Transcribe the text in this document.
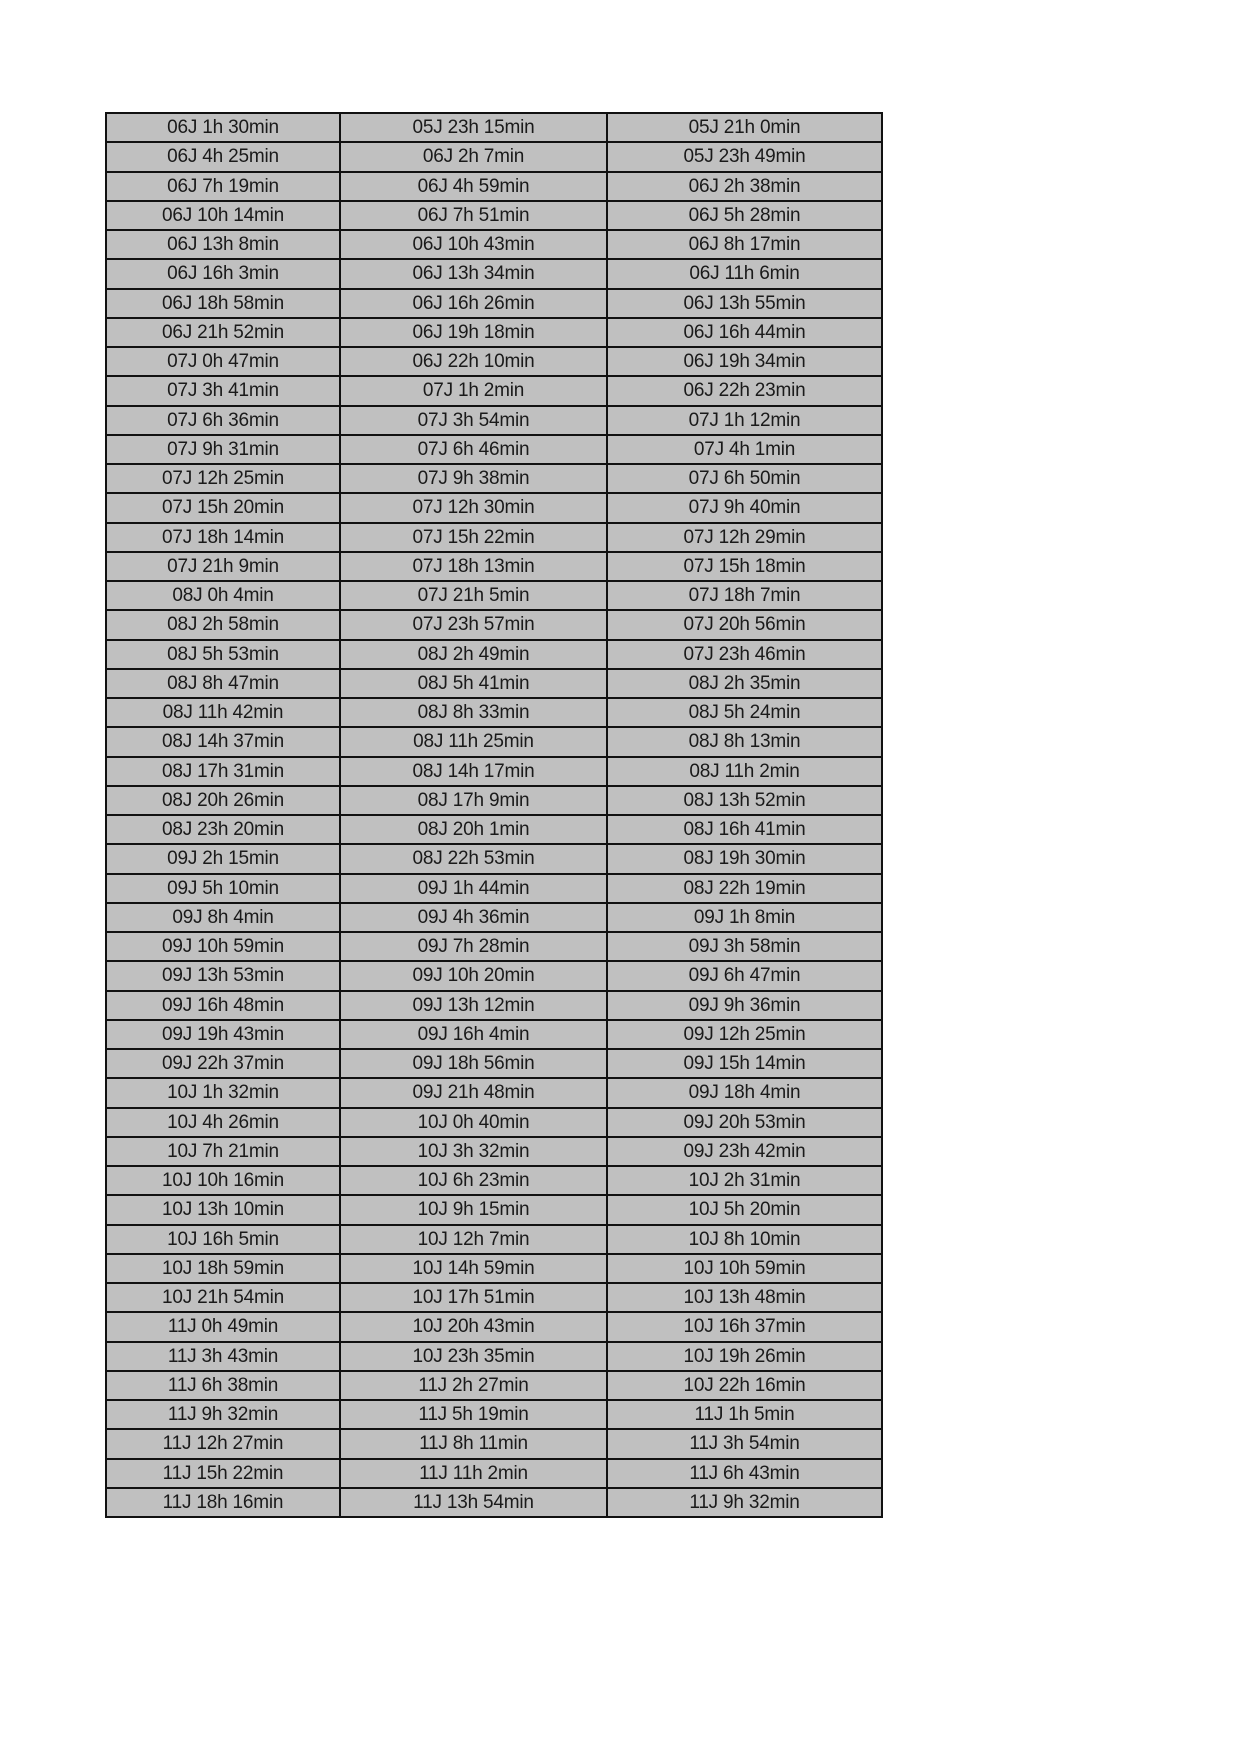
06J 1h 30min	05J 23h 15min	05J 21h 0min
06J 4h 25min	06J 2h 7min	05J 23h 49min
06J 7h 19min	06J 4h 59min	06J 2h 38min
06J 10h 14min	06J 7h 51min	06J 5h 28min
06J 13h 8min	06J 10h 43min	06J 8h 17min
06J 16h 3min	06J 13h 34min	06J 11h 6min
06J 18h 58min	06J 16h 26min	06J 13h 55min
06J 21h 52min	06J 19h 18min	06J 16h 44min
07J 0h 47min	06J 22h 10min	06J 19h 34min
07J 3h 41min	07J 1h 2min	06J 22h 23min
07J 6h 36min	07J 3h 54min	07J 1h 12min
07J 9h 31min	07J 6h 46min	07J 4h 1min
07J 12h 25min	07J 9h 38min	07J 6h 50min
07J 15h 20min	07J 12h 30min	07J 9h 40min
07J 18h 14min	07J 15h 22min	07J 12h 29min
07J 21h 9min	07J 18h 13min	07J 15h 18min
08J 0h 4min	07J 21h 5min	07J 18h 7min
08J 2h 58min	07J 23h 57min	07J 20h 56min
08J 5h 53min	08J 2h 49min	07J 23h 46min
08J 8h 47min	08J 5h 41min	08J 2h 35min
08J 11h 42min	08J 8h 33min	08J 5h 24min
08J 14h 37min	08J 11h 25min	08J 8h 13min
08J 17h 31min	08J 14h 17min	08J 11h 2min
08J 20h 26min	08J 17h 9min	08J 13h 52min
08J 23h 20min	08J 20h 1min	08J 16h 41min
09J 2h 15min	08J 22h 53min	08J 19h 30min
09J 5h 10min	09J 1h 44min	08J 22h 19min
09J 8h 4min	09J 4h 36min	09J 1h 8min
09J 10h 59min	09J 7h 28min	09J 3h 58min
09J 13h 53min	09J 10h 20min	09J 6h 47min
09J 16h 48min	09J 13h 12min	09J 9h 36min
09J 19h 43min	09J 16h 4min	09J 12h 25min
09J 22h 37min	09J 18h 56min	09J 15h 14min
10J 1h 32min	09J 21h 48min	09J 18h 4min
10J 4h 26min	10J 0h 40min	09J 20h 53min
10J 7h 21min	10J 3h 32min	09J 23h 42min
10J 10h 16min	10J 6h 23min	10J 2h 31min
10J 13h 10min	10J 9h 15min	10J 5h 20min
10J 16h 5min	10J 12h 7min	10J 8h 10min
10J 18h 59min	10J 14h 59min	10J 10h 59min
10J 21h 54min	10J 17h 51min	10J 13h 48min
11J 0h 49min	10J 20h 43min	10J 16h 37min
11J 3h 43min	10J 23h 35min	10J 19h 26min
11J 6h 38min	11J 2h 27min	10J 22h 16min
11J 9h 32min	11J 5h 19min	11J 1h 5min
11J 12h 27min	11J 8h 11min	11J 3h 54min
11J 15h 22min	11J 11h 2min	11J 6h 43min
11J 18h 16min	11J 13h 54min	11J 9h 32min
